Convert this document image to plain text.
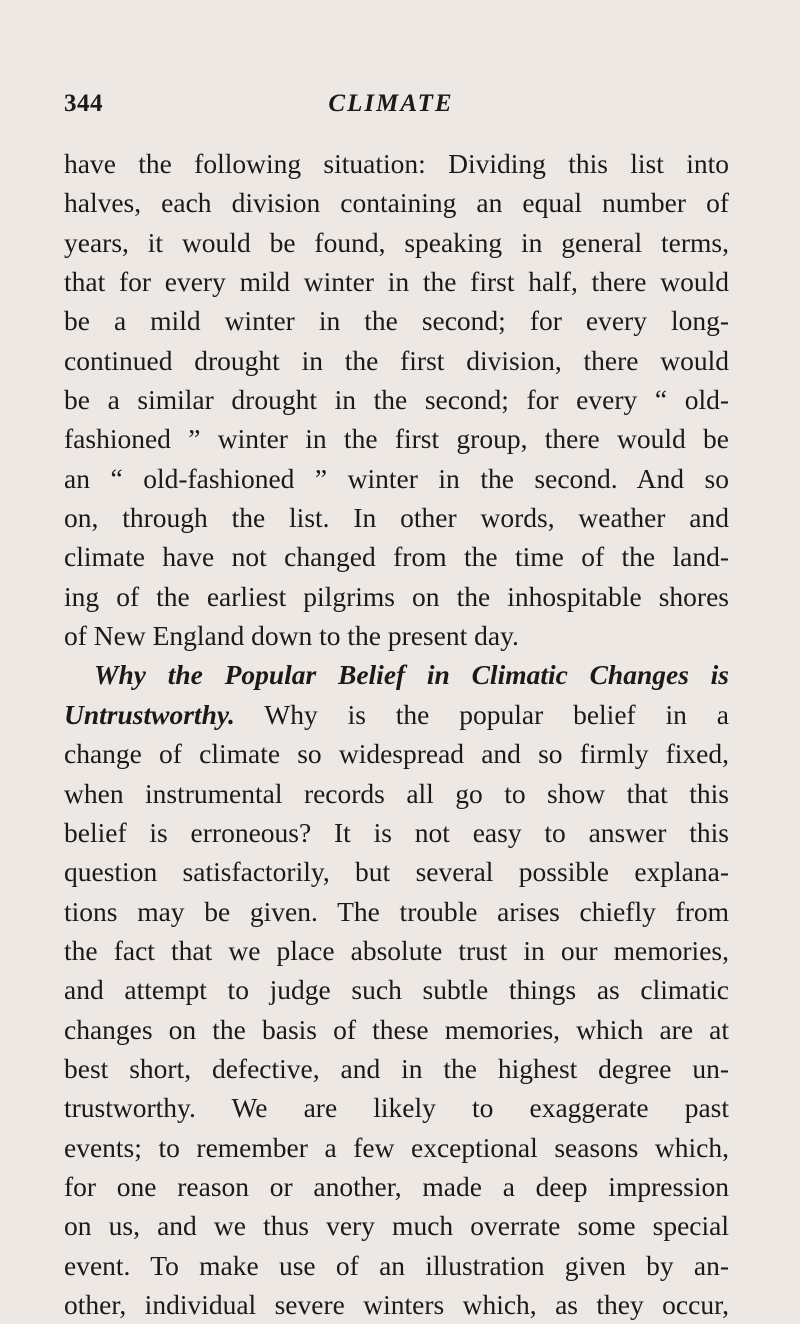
344	CLIMATE
have the following situation: Dividing this list into
halves, each division containing an equal number of
years, it would be found, speaking in general terms,
that for every mild winter in the first half, there would
be a mild winter in the second; for every long-
continued drought in the first division, there would
be a similar drought in the second; for every “ old-
fashioned ” winter in the first group, there would be
an “ old-fashioned ” winter in the second. And so
on, through the list. In other words, weather and
climate have not changed from the time of the land-
ing of the earliest pilgrims on the inhospitable shores
of New England down to the present day.
Why the Popular Belief in Climatic Changes is
Untrustworthy. Why is the popular belief in a
change of climate so widespread and so firmly fixed,
when instrumental records all go to show that this
belief is erroneous? It is not easy to answer this
question satisfactorily, but several possible explana-
tions may be given. The trouble arises chiefly from
the fact that we place absolute trust in our memories,
and attempt to judge such subtle things as climatic
changes on the basis of these memories, which are at
best short, defective, and in the highest degree un-
trustworthy. We are likely to exaggerate past
events; to remember a few exceptional seasons which,
for one reason or another, made a deep impression
on us, and we thus very much overrate some special
event. To make use of an illustration given by an-
other, individual severe winters which, as they occur,
